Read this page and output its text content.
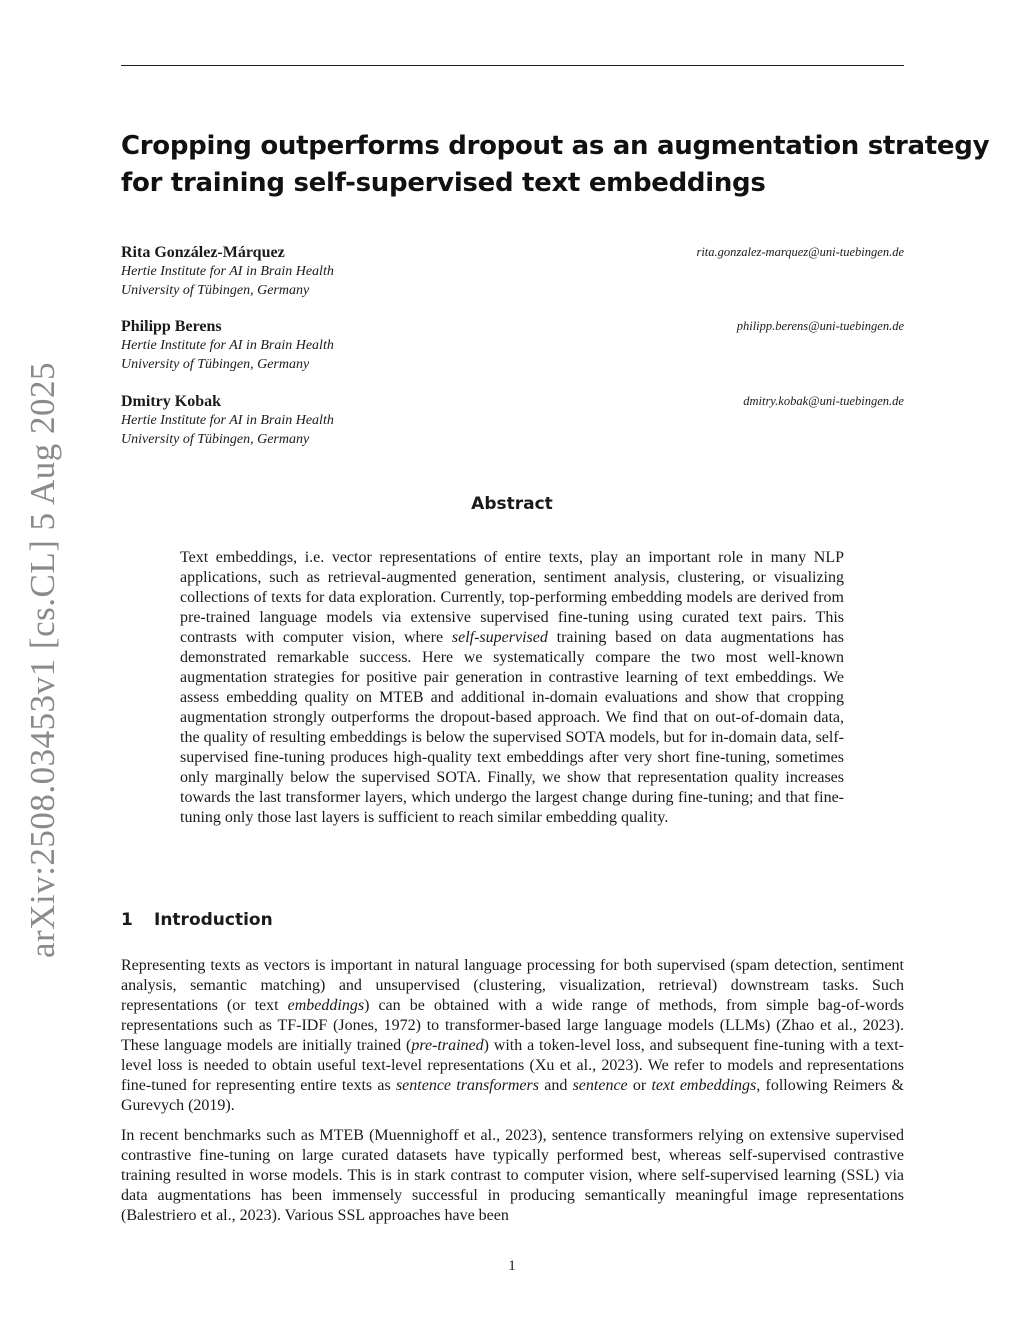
arXiv:2508.03453v1 [cs.CL] 5 Aug 2025
Cropping outperforms dropout as an augmentation strategy
for training self-supervised text embeddings
Rita González-Márquez	rita.gonzalez-marquez@uni-tuebingen.de
Hertie Institute for AI in Brain Health
University of Tübingen, Germany
Philipp Berens	philipp.berens@uni-tuebingen.de
Hertie Institute for AI in Brain Health
University of Tübingen, Germany
Dmitry Kobak	dmitry.kobak@uni-tuebingen.de
Hertie Institute for AI in Brain Health
University of Tübingen, Germany
Abstract

Text embeddings, i.e. vector representations of entire texts, play an important role in many NLP applications, such as retrieval-augmented generation, sentiment analysis, clustering, or visualizing collections of texts for data exploration. Currently, top-performing embedding models are derived from pre-trained language models via extensive supervised fine-tuning using curated text pairs. This contrasts with computer vision, where self-supervised training based on data augmentations has demonstrated remarkable success. Here we systematically compare the two most well-known augmentation strategies for positive pair generation in contrastive learning of text embeddings. We assess embedding quality on MTEB and additional in-domain evaluations and show that cropping augmentation strongly outperforms the dropout-based approach. We find that on out-of-domain data, the quality of resulting embeddings is below the supervised SOTA models, but for in-domain data, self-supervised fine-tuning produces high-quality text embeddings after very short fine-tuning, sometimes only marginally below the supervised SOTA. Finally, we show that representation quality increases towards the last transformer layers, which undergo the largest change during fine-tuning; and that fine-tuning only those last layers is sufficient to reach similar embedding quality.

1 Introduction

Representing texts as vectors is important in natural language processing for both supervised (spam detection, sentiment analysis, semantic matching) and unsupervised (clustering, visualization, retrieval) downstream tasks. Such representations (or text embeddings) can be obtained with a wide range of methods, from simple bag-of-words representations such as TF-IDF (Jones, 1972) to transformer-based large language models (LLMs) (Zhao et al., 2023). These language models are initially trained (pre-trained) with a token-level loss, and subsequent fine-tuning with a text-level loss is needed to obtain useful text-level representations (Xu et al., 2023). We refer to models and representations fine-tuned for representing entire texts as sentence transformers and sentence or text embeddings, following Reimers & Gurevych (2019).

In recent benchmarks such as MTEB (Muennighoff et al., 2023), sentence transformers relying on extensive supervised contrastive fine-tuning on large curated datasets have typically performed best, whereas self-supervised contrastive training resulted in worse models. This is in stark contrast to computer vision, where self-supervised learning (SSL) via data augmentations has been immensely successful in producing semantically meaningful image representations (Balestriero et al., 2023). Various SSL approaches have been

1
